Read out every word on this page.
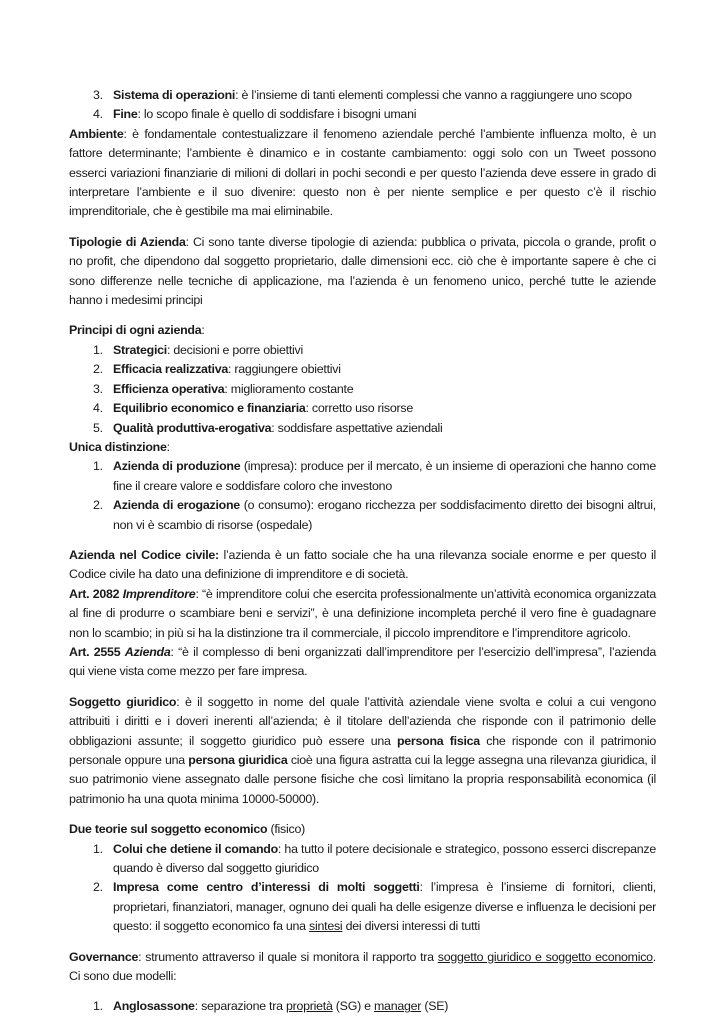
3. Sistema di operazioni: è l’insieme di tanti elementi complessi che vanno a raggiungere uno scopo
4. Fine: lo scopo finale è quello di soddisfare i bisogni umani

Ambiente: è fondamentale contestualizzare il fenomeno aziendale perché l’ambiente influenza molto, è un fattore determinante; l’ambiente è dinamico e in costante cambiamento: oggi solo con un Tweet possono esserci variazioni finanziarie di milioni di dollari in pochi secondi e per questo l’azienda deve essere in grado di interpretare l’ambiente e il suo divenire: questo non è per niente semplice e per questo c’è il rischio imprenditoriale, che è gestibile ma mai eliminabile.

Tipologie di Azienda: Ci sono tante diverse tipologie di azienda: pubblica o privata, piccola o grande, profit o no profit, che dipendono dal soggetto proprietario, dalle dimensioni ecc. ciò che è importante sapere è che ci sono differenze nelle tecniche di applicazione, ma l’azienda è un fenomeno unico, perché tutte le aziende hanno i medesimi principi

Principi di ogni azienda:

1. Strategici: decisioni e porre obiettivi
2. Efficacia realizzativa: raggiungere obiettivi
3. Efficienza operativa: miglioramento costante
4. Equilibrio economico e finanziaria: corretto uso risorse
5. Qualità produttiva-erogativa: soddisfare aspettative aziendali

Unica distinzione:

1. Azienda di produzione (impresa): produce per il mercato, è un insieme di operazioni che hanno come fine il creare valore e soddisfare coloro che investono
2. Azienda di erogazione (o consumo): erogano ricchezza per soddisfacimento diretto dei bisogni altrui, non vi è scambio di risorse (ospedale)

Azienda nel Codice civile: l’azienda è un fatto sociale che ha una rilevanza sociale enorme e per questo il Codice civile ha dato una definizione di imprenditore e di società.

Art. 2082 Imprenditore: “è imprenditore colui che esercita professionalmente un’attività economica organizzata al fine di produrre o scambiare beni e servizi”, è una definizione incompleta perché il vero fine è guadagnare non lo scambio; in più si ha la distinzione tra il commerciale, il piccolo imprenditore e l’imprenditore agricolo.

Art. 2555 Azienda: “è il complesso di beni organizzati dall’imprenditore per l’esercizio dell’impresa”, l’azienda qui viene vista come mezzo per fare impresa.

Soggetto giuridico: è il soggetto in nome del quale l’attività aziendale viene svolta e colui a cui vengono attribuiti i diritti e i doveri inerenti all’azienda; è il titolare dell’azienda che risponde con il patrimonio delle obbligazioni assunte; il soggetto giuridico può essere una persona fisica che risponde con il patrimonio personale oppure una persona giuridica cioè una figura astratta cui la legge assegna una rilevanza giuridica, il suo patrimonio viene assegnato dalle persone fisiche che così limitano la propria responsabilità economica (il patrimonio ha una quota minima 10000-50000).

Due teorie sul soggetto economico (fisico)

1. Colui che detiene il comando: ha tutto il potere decisionale e strategico, possono esserci discrepanze quando è diverso dal soggetto giuridico
2. Impresa come centro d’interessi di molti soggetti: l’impresa è l’insieme di fornitori, clienti, proprietari, finanziatori, manager, ognuno dei quali ha delle esigenze diverse e influenza le decisioni per questo: il soggetto economico fa una sintesi dei diversi interessi di tutti

Governance: strumento attraverso il quale si monitora il rapporto tra soggetto giuridico e soggetto economico. Ci sono due modelli:

1. Anglosassone: separazione tra proprietà (SG) e manager (SE)
